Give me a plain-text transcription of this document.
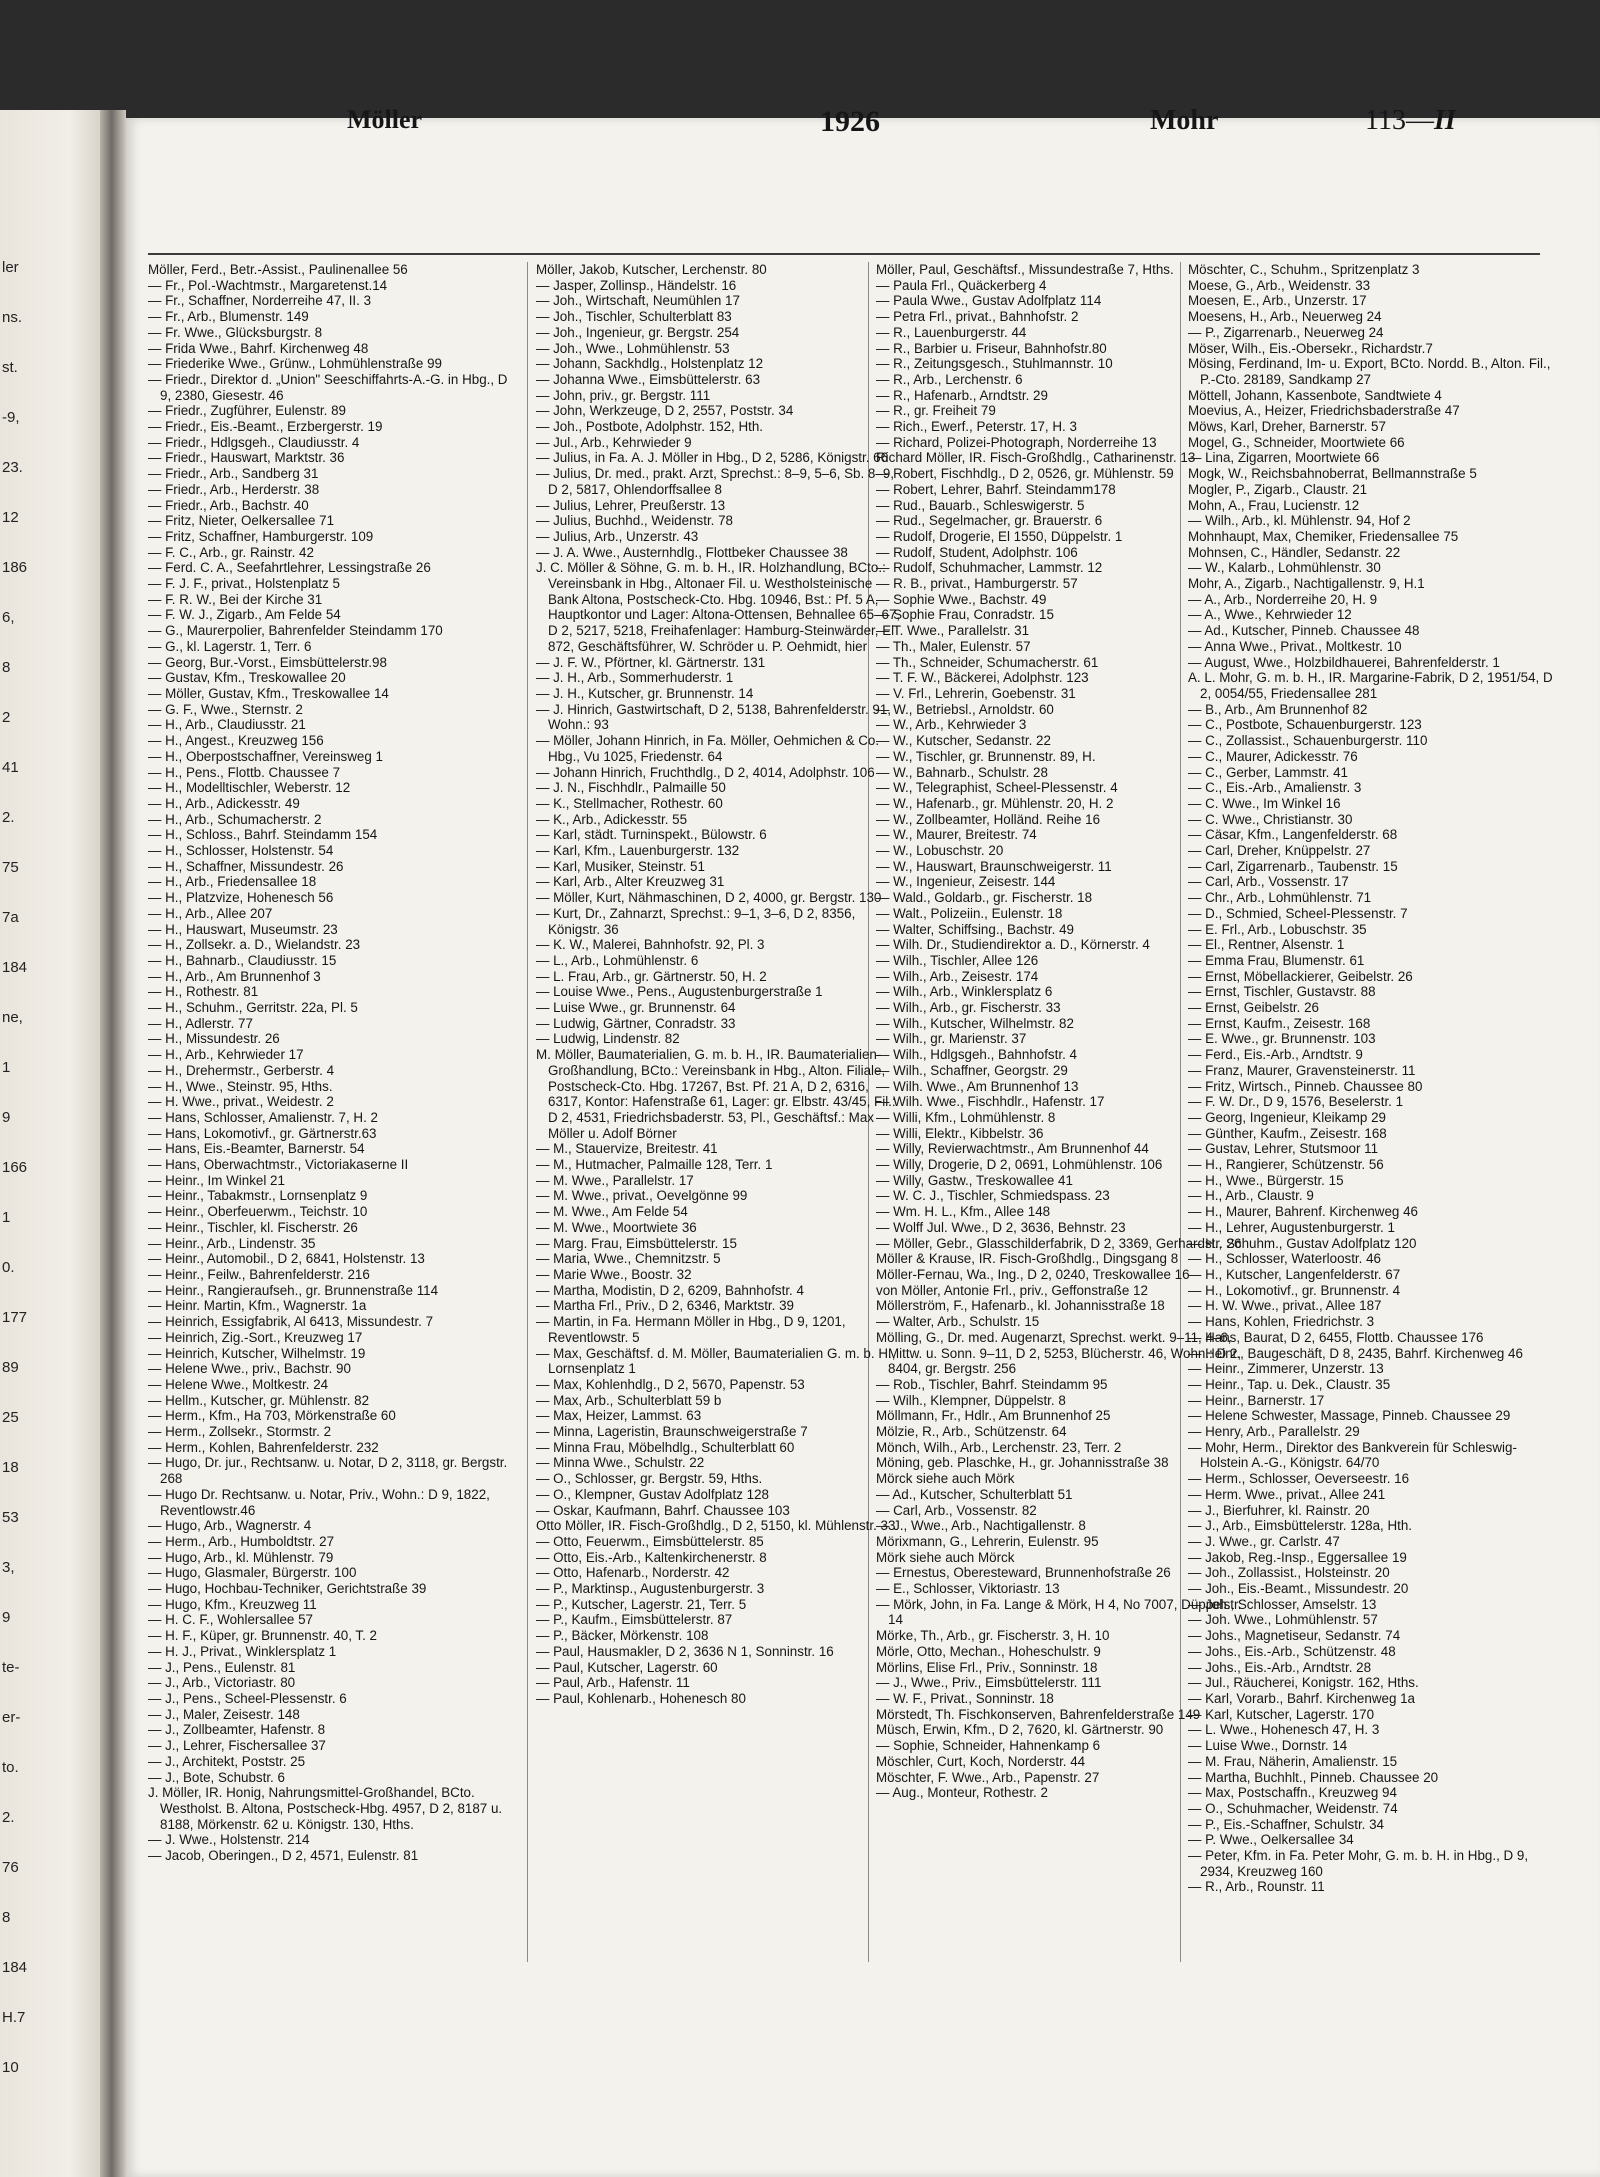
ler
ns.
st.
-9,
23.
12
186
6,
8
2
41
2.
75
7a
184
ne,
1
9
166
1
0.
177
89
25
18
53
3,
9
te-
er-
to.
2.
76
8
184
H.7
10
Möller	1926	Mohr	113—II

Möller, Ferd., Betr.-Assist., Paulinenallee 56

— Fr., Pol.-Wachtmstr., Margaretenst.14

— Fr., Schaffner, Norderreihe 47, II. 3

— Fr., Arb., Blumenstr. 149

— Fr. Wwe., Glücksburgstr. 8

— Frida Wwe., Bahrf. Kirchenweg 48

— Friederike Wwe., Grünw., Lohmühlenstraße 99

— Friedr., Direktor d. „Union" Seeschiffahrts-A.-G. in Hbg., D 9, 2380, Giesestr. 46

— Friedr., Zugführer, Eulenstr. 89

— Friedr., Eis.-Beamt., Erzbergerstr. 19

— Friedr., Hdlgsgeh., Claudiusstr. 4

— Friedr., Hauswart, Marktstr. 36

— Friedr., Arb., Sandberg 31

— Friedr., Arb., Herderstr. 38

— Friedr., Arb., Bachstr. 40

— Fritz, Nieter, Oelkersallee 71

— Fritz, Schaffner, Hamburgerstr. 109

— F. C., Arb., gr. Rainstr. 42

— Ferd. C. A., Seefahrtlehrer, Lessingstraße 26

— F. J. F., privat., Holstenplatz 5

— F. R. W., Bei der Kirche 31

— F. W. J., Zigarb., Am Felde 54

— G., Maurerpolier, Bahrenfelder Steindamm 170

— G., kl. Lagerstr. 1, Terr. 6

— Georg, Bur.-Vorst., Eimsbüttelerstr.98

— Gustav, Kfm., Treskowallee 20

— Möller, Gustav, Kfm., Treskowallee 14

— G. F., Wwe., Sternstr. 2

— H., Arb., Claudiusstr. 21

— H., Angest., Kreuzweg 156

— H., Oberpostschaffner, Vereinsweg 1

— H., Pens., Flottb. Chaussee 7

— H., Modelltischler, Weberstr. 12

— H., Arb., Adickesstr. 49

— H., Arb., Schumacherstr. 2

— H., Schloss., Bahrf. Steindamm 154

— H., Schlosser, Holstenstr. 54

— H., Schaffner, Missundestr. 26

— H., Arb., Friedensallee 18

— H., Platzvize, Hohenesch 56

— H., Arb., Allee 207

— H., Hauswart, Museumstr. 23

— H., Zollsekr. a. D., Wielandstr. 23

— H., Bahnarb., Claudiusstr. 15

— H., Arb., Am Brunnenhof 3

— H., Rothestr. 81

— H., Schuhm., Gerritstr. 22a, Pl. 5

— H., Adlerstr. 77

— H., Missundestr. 26

— H., Arb., Kehrwieder 17

— H., Drehermstr., Gerberstr. 4

— H., Wwe., Steinstr. 95, Hths.

— H. Wwe., privat., Weidestr. 2

— Hans, Schlosser, Amalienstr. 7, H. 2

— Hans, Lokomotivf., gr. Gärtnerstr.63

— Hans, Eis.-Beamter, Barnerstr. 54

— Hans, Oberwachtmstr., Victoriakaserne II

— Heinr., Im Winkel 21

— Heinr., Tabakmstr., Lornsenplatz 9

— Heinr., Oberfeuerwm., Teichstr. 10

— Heinr., Tischler, kl. Fischerstr. 26

— Heinr., Arb., Lindenstr. 35

— Heinr., Automobil., D 2, 6841, Holstenstr. 13

— Heinr., Feilw., Bahrenfelderstr. 216

— Heinr., Rangieraufseh., gr. Brunnenstraße 114

— Heinr. Martin, Kfm., Wagnerstr. 1a

— Heinrich, Essigfabrik, Al 6413, Missundestr. 7

— Heinrich, Zig.-Sort., Kreuzweg 17

— Heinrich, Kutscher, Wilhelmstr. 19

— Helene Wwe., priv., Bachstr. 90

— Helene Wwe., Moltkestr. 24

— Hellm., Kutscher, gr. Mühlenstr. 82

— Herm., Kfm., Ha 703, Mörkenstraße 60

— Herm., Zollsekr., Stormstr. 2

— Herm., Kohlen, Bahrenfelderstr. 232

— Hugo, Dr. jur., Rechtsanw. u. Notar, D 2, 3118, gr. Bergstr. 268

— Hugo Dr. Rechtsanw. u. Notar, Priv., Wohn.: D 9, 1822, Reventlowstr.46

— Hugo, Arb., Wagnerstr. 4

— Herm., Arb., Humboldtstr. 27

— Hugo, Arb., kl. Mühlenstr. 79

— Hugo, Glasmaler, Bürgerstr. 100

— Hugo, Hochbau-Techniker, Gerichtstraße 39

— Hugo, Kfm., Kreuzweg 11

— H. C. F., Wohlersallee 57

— H. F., Küper, gr. Brunnenstr. 40, T. 2

— H. J., Privat., Winklersplatz 1

— J., Pens., Eulenstr. 81

— J., Arb., Victoriastr. 80

— J., Pens., Scheel-Plessenstr. 6

— J., Maler, Zeisestr. 148

— J., Zollbeamter, Hafenstr. 8

— J., Lehrer, Fischersallee 37

— J., Architekt, Poststr. 25

— J., Bote, Schubstr. 6

J. Möller, IR. Honig, Nahrungsmittel-Großhandel, BCto. Westholst. B. Altona, Postscheck-Hbg. 4957, D 2, 8187 u. 8188, Mörkenstr. 62 u. Königstr. 130, Hths.

— J. Wwe., Holstenstr. 214

— Jacob, Oberingen., D 2, 4571, Eulenstr. 81

Möller, Jakob, Kutscher, Lerchenstr. 80

— Jasper, Zollinsp., Händelstr. 16

— Joh., Wirtschaft, Neumühlen 17

— Joh., Tischler, Schulterblatt 83

— Joh., Ingenieur, gr. Bergstr. 254

— Joh., Wwe., Lohmühlenstr. 53

— Johann, Sackhdlg., Holstenplatz 12

— Johanna Wwe., Eimsbüttelerstr. 63

— John, priv., gr. Bergstr. 111

— John, Werkzeuge, D 2, 2557, Poststr. 34

— Joh., Postbote, Adolphstr. 152, Hth.

— Jul., Arb., Kehrwieder 9

— Julius, in Fa. A. J. Möller in Hbg., D 2, 5286, Königstr. 66

— Julius, Dr. med., prakt. Arzt, Sprechst.: 8–9, 5–6, Sb. 8–9, D 2, 5817, Ohlendorffsallee 8

— Julius, Lehrer, Preußerstr. 13

— Julius, Buchhd., Weidenstr. 78

— Julius, Arb., Unzerstr. 43

— J. A. Wwe., Austernhdlg., Flottbeker Chaussee 38

J. C. Möller & Söhne, G. m. b. H., IR. Holzhandlung, BCto.: Vereinsbank in Hbg., Altonaer Fil. u. Westholsteinische Bank Altona, Postscheck-Cto. Hbg. 10946, Bst.: Pf. 5 A, Hauptkontor und Lager: Altona-Ottensen, Behnallee 65–67, D 2, 5217, 5218, Freihafenlager: Hamburg-Steinwärder, El 872, Geschäftsführer, W. Schröder u. P. Oehmidt, hier

— J. F. W., Pförtner, kl. Gärtnerstr. 131

— J. H., Arb., Sommerhuderstr. 1

— J. H., Kutscher, gr. Brunnenstr. 14

— J. Hinrich, Gastwirtschaft, D 2, 5138, Bahrenfelderstr. 91, Wohn.: 93

— Möller, Johann Hinrich, in Fa. Möller, Oehmichen & Co. Hbg., Vu 1025, Friedenstr. 64

— Johann Hinrich, Fruchthdlg., D 2, 4014, Adolphstr. 106

— J. N., Fischhdlr., Palmaille 50

— K., Stellmacher, Rothestr. 60

— K., Arb., Adickesstr. 55

— Karl, städt. Turninspekt., Bülowstr. 6

— Karl, Kfm., Lauenburgerstr. 132

— Karl, Musiker, Steinstr. 51

— Karl, Arb., Alter Kreuzweg 31

— Möller, Kurt, Nähmaschinen, D 2, 4000, gr. Bergstr. 130

— Kurt, Dr., Zahnarzt, Sprechst.: 9–1, 3–6, D 2, 8356, Königstr. 36

— K. W., Malerei, Bahnhofstr. 92, Pl. 3

— L., Arb., Lohmühlenstr. 6

— L. Frau, Arb., gr. Gärtnerstr. 50, H. 2

— Louise Wwe., Pens., Augustenburgerstraße 1

— Luise Wwe., gr. Brunnenstr. 64

— Ludwig, Gärtner, Conradstr. 33

— Ludwig, Lindenstr. 82

M. Möller, Baumaterialien, G. m. b. H., IR. Baumaterialien-Großhandlung, BCto.: Vereinsbank in Hbg., Alton. Filiale, Postscheck-Cto. Hbg. 17267, Bst. Pf. 21 A, D 2, 6316, 6317, Kontor: Hafenstraße 61, Lager: gr. Elbstr. 43/45, Fil.: D 2, 4531, Friedrichsbaderstr. 53, Pl., Geschäftsf.: Max Möller u. Adolf Börner

— M., Stauervize, Breitestr. 41

— M., Hutmacher, Palmaille 128, Terr. 1

— M. Wwe., Parallelstr. 17

— M. Wwe., privat., Oevelgönne 99

— M. Wwe., Am Felde 54

— M. Wwe., Moortwiete 36

— Marg. Frau, Eimsbüttelerstr. 15

— Maria, Wwe., Chemnitzstr. 5

— Marie Wwe., Boostr. 32

— Martha, Modistin, D 2, 6209, Bahnhofstr. 4

— Martha Frl., Priv., D 2, 6346, Marktstr. 39

— Martin, in Fa. Hermann Möller in Hbg., D 9, 1201, Reventlowstr. 5

— Max, Geschäftsf. d. M. Möller, Baumaterialien G. m. b. H., Lornsenplatz 1

— Max, Kohlenhdlg., D 2, 5670, Papenstr. 53

— Max, Arb., Schulterblatt 59 b

— Max, Heizer, Lammst. 63

— Minna, Lageristin, Braunschweigerstraße 7

— Minna Frau, Möbelhdlg., Schulterblatt 60

— Minna Wwe., Schulstr. 22

— O., Schlosser, gr. Bergstr. 59, Hths.

— O., Klempner, Gustav Adolfplatz 128

— Oskar, Kaufmann, Bahrf. Chaussee 103

Otto Möller, IR. Fisch-Großhdlg., D 2, 5150, kl. Mühlenstr. 33

— Otto, Feuerwm., Eimsbüttelerstr. 85

— Otto, Eis.-Arb., Kaltenkirchenerstr. 8

— Otto, Hafenarb., Norderstr. 42

— P., Marktinsp., Augustenburgerstr. 3

— P., Kutscher, Lagerstr. 21, Terr. 5

— P., Kaufm., Eimsbüttelerstr. 87

— P., Bäcker, Mörkenstr. 108

— Paul, Hausmakler, D 2, 3636 N 1, Sonninstr. 16

— Paul, Kutscher, Lagerstr. 60

— Paul, Arb., Hafenstr. 11

— Paul, Kohlenarb., Hohenesch 80

Möller, Paul, Geschäftsf., Missundestraße 7, Hths.

— Paula Frl., Quäckerberg 4

— Paula Wwe., Gustav Adolfplatz 114

— Petra Frl., privat., Bahnhofstr. 2

— R., Lauenburgerstr. 44

— R., Barbier u. Friseur, Bahnhofstr.80

— R., Zeitungsgesch., Stuhlmannstr. 10

— R., Arb., Lerchenstr. 6

— R., Hafenarb., Arndtstr. 29

— R., gr. Freiheit 79

— Rich., Ewerf., Peterstr. 17, H. 3

— Richard, Polizei-Photograph, Norderreihe 13

Richard Möller, IR. Fisch-Großhdlg., Catharinenstr. 13

— Robert, Fischhdlg., D 2, 0526, gr. Mühlenstr. 59

— Robert, Lehrer, Bahrf. Steindamm178

— Rud., Bauarb., Schleswigerstr. 5

— Rud., Segelmacher, gr. Brauerstr. 6

— Rudolf, Drogerie, El 1550, Düppelstr. 1

— Rudolf, Student, Adolphstr. 106

— Rudolf, Schuhmacher, Lammstr. 12

— R. B., privat., Hamburgerstr. 57

— Sophie Wwe., Bachstr. 49

— Sophie Frau, Conradstr. 15

— T. Wwe., Parallelstr. 31

— Th., Maler, Eulenstr. 57

— Th., Schneider, Schumacherstr. 61

— T. F. W., Bäckerei, Adolphstr. 123

— V. Frl., Lehrerin, Goebenstr. 31

— W., Betriebsl., Arnoldstr. 60

— W., Arb., Kehrwieder 3

— W., Kutscher, Sedanstr. 22

— W., Tischler, gr. Brunnenstr. 89, H.

— W., Bahnarb., Schulstr. 28

— W., Telegraphist, Scheel-Plessenstr. 4

— W., Hafenarb., gr. Mühlenstr. 20, H. 2

— W., Zollbeamter, Holländ. Reihe 16

— W., Maurer, Breitestr. 74

— W., Lobuschstr. 20

— W., Hauswart, Braunschweigerstr. 11

— W., Ingenieur, Zeisestr. 144

— Wald., Goldarb., gr. Fischerstr. 18

— Walt., Polizeiin., Eulenstr. 18

— Walter, Schiffsing., Bachstr. 49

— Wilh. Dr., Studiendirektor a. D., Körnerstr. 4

— Wilh., Tischler, Allee 126

— Wilh., Arb., Zeisestr. 174

— Wilh., Arb., Winklersplatz 6

— Wilh., Arb., gr. Fischerstr. 33

— Wilh., Kutscher, Wilhelmstr. 82

— Wilh., gr. Marienstr. 37

— Wilh., Hdlgsgeh., Bahnhofstr. 4

— Wilh., Schaffner, Georgstr. 29

— Wilh. Wwe., Am Brunnenhof 13

— Wilh. Wwe., Fischhdlr., Hafenstr. 17

— Willi, Kfm., Lohmühlenstr. 8

— Willi, Elektr., Kibbelstr. 36

— Willy, Revierwachtmstr., Am Brunnenhof 44

— Willy, Drogerie, D 2, 0691, Lohmühlenstr. 106

— Willy, Gastw., Treskowallee 41

— W. C. J., Tischler, Schmiedspass. 23

— Wm. H. L., Kfm., Allee 148

— Wolff Jul. Wwe., D 2, 3636, Behnstr. 23

— Möller, Gebr., Glasschilderfabrik, D 2, 3369, Gerhardstr. 26

Möller & Krause, IR. Fisch-Großhdlg., Dingsgang 8

Möller-Fernau, Wa., Ing., D 2, 0240, Treskowallee 16

von Möller, Antonie Frl., priv., Geffonstraße 12

Möllerström, F., Hafenarb., kl. Johannisstraße 18

— Walter, Arb., Schulstr. 15

Mölling, G., Dr. med. Augenarzt, Sprechst. werkt. 9–11, 4–6, Mittw. u. Sonn. 9–11, D 2, 5253, Blücherstr. 46, Wohn.: D 2, 8404, gr. Bergstr. 256

— Rob., Tischler, Bahrf. Steindamm 95

— Wilh., Klempner, Düppelstr. 8

Möllmann, Fr., Hdlr., Am Brunnenhof 25

Mölzie, R., Arb., Schützenstr. 64

Mönch, Wilh., Arb., Lerchenstr. 23, Terr. 2

Möning, geb. Plaschke, H., gr. Johannisstraße 38

Mörck siehe auch Mörk

— Ad., Kutscher, Schulterblatt 51

— Carl, Arb., Vossenstr. 82

— J., Wwe., Arb., Nachtigallenstr. 8

Mörixmann, G., Lehrerin, Eulenstr. 95

Mörk siehe auch Mörck

— Ernestus, Oberesteward, Brunnenhofstraße 26

— E., Schlosser, Viktoriastr. 13

— Mörk, John, in Fa. Lange & Mörk, H 4, No 7007, Düppelstr. 14

Mörke, Th., Arb., gr. Fischerstr. 3, H. 10

Mörle, Otto, Mechan., Hoheschulstr. 9

Mörlins, Elise Frl., Priv., Sonninstr. 18

— J., Wwe., Priv., Eimsbüttelerstr. 111

— W. F., Privat., Sonninstr. 18

Mörstedt, Th. Fischkonserven, Bahrenfelderstraße 149

Müsch, Erwin, Kfm., D 2, 7620, kl. Gärtnerstr. 90

— Sophie, Schneider, Hahnenkamp 6

Möschler, Curt, Koch, Norderstr. 44

Möschter, F. Wwe., Arb., Papenstr. 27

— Aug., Monteur, Rothestr. 2

Möschter, C., Schuhm., Spritzenplatz 3

Moese, G., Arb., Weidenstr. 33

Moesen, E., Arb., Unzerstr. 17

Moesens, H., Arb., Neuerweg 24

— P., Zigarrenarb., Neuerweg 24

Möser, Wilh., Eis.-Obersekr., Richardstr.7

Mösing, Ferdinand, Im- u. Export, BCto. Nordd. B., Alton. Fil., P.-Cto. 28189, Sandkamp 27

Möttell, Johann, Kassenbote, Sandtwiete 4

Moevius, A., Heizer, Friedrichsbaderstraße 47

Möws, Karl, Dreher, Barnerstr. 57

Mogel, G., Schneider, Moortwiete 66

— Lina, Zigarren, Moortwiete 66

Mogk, W., Reichsbahnoberrat, Bellmannstraße 5

Mogler, P., Zigarb., Claustr. 21

Mohn, A., Frau, Lucienstr. 12

— Wilh., Arb., kl. Mühlenstr. 94, Hof 2

Mohnhaupt, Max, Chemiker, Friedensallee 75

Mohnsen, C., Händler, Sedanstr. 22

— W., Kalarb., Lohmühlenstr. 30

Mohr, A., Zigarb., Nachtigallenstr. 9, H.1

— A., Arb., Norderreihe 20, H. 9

— A., Wwe., Kehrwieder 12

— Ad., Kutscher, Pinneb. Chaussee 48

— Anna Wwe., Privat., Moltkestr. 10

— August, Wwe., Holzbildhauerei, Bahrenfelderstr. 1

A. L. Mohr, G. m. b. H., IR. Margarine-Fabrik, D 2, 1951/54, D 2, 0054/55, Friedensallee 281

— B., Arb., Am Brunnenhof 82

— C., Postbote, Schauenburgerstr. 123

— C., Zollassist., Schauenburgerstr. 110

— C., Maurer, Adickesstr. 76

— C., Gerber, Lammstr. 41

— C., Eis.-Arb., Amalienstr. 3

— C. Wwe., Im Winkel 16

— C. Wwe., Christianstr. 30

— Cäsar, Kfm., Langenfelderstr. 68

— Carl, Dreher, Knüppelstr. 27

— Carl, Zigarrenarb., Taubenstr. 15

— Carl, Arb., Vossenstr. 17

— Chr., Arb., Lohmühlenstr. 71

— D., Schmied, Scheel-Plessenstr. 7

— E. Frl., Arb., Lobuschstr. 35

— El., Rentner, Alsenstr. 1

— Emma Frau, Blumenstr. 61

— Ernst, Möbellackierer, Geibelstr. 26

— Ernst, Tischler, Gustavstr. 88

— Ernst, Geibelstr. 26

— Ernst, Kaufm., Zeisestr. 168

— E. Wwe., gr. Brunnenstr. 103

— Ferd., Eis.-Arb., Arndtstr. 9

— Franz, Maurer, Gravensteinerstr. 11

— Fritz, Wirtsch., Pinneb. Chaussee 80

— F. W. Dr., D 9, 1576, Beselerstr. 1

— Georg, Ingenieur, Kleikamp 29

— Günther, Kaufm., Zeisestr. 168

— Gustav, Lehrer, Stutsmoor 11

— H., Rangierer, Schützenstr. 56

— H., Wwe., Bürgerstr. 15

— H., Arb., Claustr. 9

— H., Maurer, Bahrenf. Kirchenweg 46

— H., Lehrer, Augustenburgerstr. 1

— H., Schuhm., Gustav Adolfplatz 120

— H., Schlosser, Waterloostr. 46

— H., Kutscher, Langenfelderstr. 67

— H., Lokomotivf., gr. Brunnenstr. 4

— H. W. Wwe., privat., Allee 187

— Hans, Kohlen, Friedrichstr. 3

— Hans, Baurat, D 2, 6455, Flottb. Chaussee 176

— Heinr., Baugeschäft, D 8, 2435, Bahrf. Kirchenweg 46

— Heinr., Zimmerer, Unzerstr. 13

— Heinr., Tap. u. Dek., Claustr. 35

— Heinr., Barnerstr. 17

— Helene Schwester, Massage, Pinneb. Chaussee 29

— Henry, Arb., Parallelstr. 29

— Mohr, Herm., Direktor des Bankverein für Schleswig-Holstein A.-G., Königstr. 64/70

— Herm., Schlosser, Oeverseestr. 16

— Herm. Wwe., privat., Allee 241

— J., Bierfuhrer, kl. Rainstr. 20

— J., Arb., Eimsbüttelerstr. 128a, Hth.

— J. Wwe., gr. Carlstr. 47

— Jakob, Reg.-Insp., Eggersallee 19

— Joh., Zollassist., Holsteinstr. 20

— Joh., Eis.-Beamt., Missundestr. 20

— Joh., Schlosser, Amselstr. 13

— Joh. Wwe., Lohmühlenstr. 57

— Johs., Magnetiseur, Sedanstr. 74

— Johs., Eis.-Arb., Schützenstr. 48

— Johs., Eis.-Arb., Arndtstr. 28

— Jul., Räucherei, Konigstr. 162, Hths.

— Karl, Vorarb., Bahrf. Kirchenweg 1a

— Karl, Kutscher, Lagerstr. 170

— L. Wwe., Hohenesch 47, H. 3

— Luise Wwe., Dornstr. 14

— M. Frau, Näherin, Amalienstr. 15

— Martha, Buchhlt., Pinneb. Chaussee 20

— Max, Postschaffn., Kreuzweg 94

— O., Schuhmacher, Weidenstr. 74

— P., Eis.-Schaffner, Schulstr. 34

— P. Wwe., Oelkersallee 34

— Peter, Kfm. in Fa. Peter Mohr, G. m. b. H. in Hbg., D 9, 2934, Kreuzweg 160

— R., Arb., Rounstr. 11
